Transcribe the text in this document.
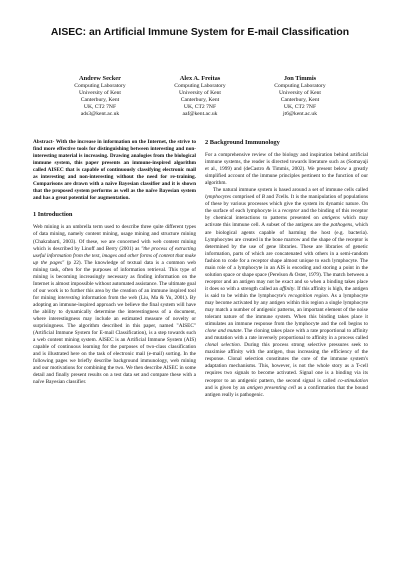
AISEC: an Artificial Immune System for E-mail Classification
Andrew Secker
Computing Laboratory
University of Kent
Canterbury, Kent
UK, CT2 7NF
ads3@kent.ac.uk
Alex A. Freitas
Computing Laboratory
University of Kent
Canterbury, Kent
UK, CT2 7NF
aaf@kent.ac.uk
Jon Timmis
Computing Laboratory
University of Kent
Canterbury, Kent
UK, CT2 7NF
jt6@kent.ac.uk

Abstract- With the increase in information on the Internet, the strive to find more effective tools for distinguishing between interesting and non-interesting material is increasing. Drawing analogies from the biological immune system, this paper presents an immune-inspired algorithm called AISEC that is capable of continuously classifying electronic mail as interesting and non-interesting without the need for re-training. Comparisons are drawn with a naïve Bayesian classifier and it is shown that the proposed system performs as well as the naïve Bayesian system and has a great potential for augmentation.

1 Introduction

Web mining is an umbrella term used to describe three quite different types of data mining, namely content mining, usage mining and structure mining (Chakrabarti, 2003). Of these, we are concerned with web content mining which is described by Linoff and Berry (2001) as "the process of extracting useful information from the text, images and other forms of content that make up the pages" (p 22). The knowledge of textual data is a common web mining task, often for the purposes of information retrieval. This type of mining is becoming increasingly necessary as finding information on the Internet is almost impossible without automated assistance. The ultimate goal of our work is to further this area by the creation of an immune inspired tool for mining interesting information from the web (Liu, Ma & Yu, 2001). By adopting an immune-inspired approach we believe the final system will have the ability to dynamically determine the interestingness of a document, where interestingness may include an estimated measure of novelty or surprisingness. The algorithm described in this paper, named "AISEC" (Artificial Immune System for E-mail Classification), is a step towards such a web content mining system. AISEC is an Artificial Immune System (AIS) capable of continuous learning for the purposes of two-class classification and is illustrated here on the task of electronic mail (e-mail) sorting. In the following pages we briefly describe background immunology, web mining and our motivations for combining the two. We then describe AISEC in some detail and finally present results on a test data set and compare these with a naïve Bayesian classifier.

2 Background Immunology

For a comprehensive review of the biology and inspiration behind artificial immune systems, the reader is directed towards literature such as (Somayaji et al., 1999) and (deCastro & Timmis, 2002). We present below a greatly simplified account of the immune principles pertinent to the function of our algorithm.

The natural immune system is based around a set of immune cells called lymphocytes comprised of B and Tcells. It is the manipulation of populations of these by various processes which give the system its dynamic nature. On the surface of each lymphocyte is a receptor and the binding of this receptor by chemical interactions to patterns presented on antigens which may activate this immune cell. A subset of the antigens are the pathogens, which are biological agents capable of harming the host (e.g. bacteria). Lymphocytes are created in the bone marrow and the shape of the receptor is determined by the use of gene libraries. These are libraries of genetic information, parts of which are concatenated with others in a semi-random fashion to code for a receptor shape almost unique to each lymphocyte. The main role of a lymphocyte in an AIS is encoding and storing a point in the solution space or shape space (Perelson & Oster, 1979). The match between a receptor and an antigen may not be exact and so when a binding takes place it does so with a strength called an affinity. If this affinity is high, the antigen is said to be within the lymphocyte's recognition region. As a lymphocyte may become activated by any antigen within this region a single lymphocyte may match a number of antigenic patterns, an important element of the noise tolerant nature of the immune system. When this binding takes place it stimulates an immune response from the lymphocyte and the cell begins to clone and mutate. The cloning takes place with a rate proportional to affinity and mutation with a rate inversely proportional to affinity in a process called clonal selection. During this process strong selective pressures seek to maximise affinity with the antigen, thus increasing the efficiency of the response. Clonal selection constitutes the core of the immune system's adaptation mechanisms. This, however, is not the whole story as a T-cell requires two signals to become activated. Signal one is a binding via its receptor to an antigenic pattern, the second signal is called co-stimulation and is given by an antigen presenting cell as a confirmation that the bound antigen really is pathogenic.
